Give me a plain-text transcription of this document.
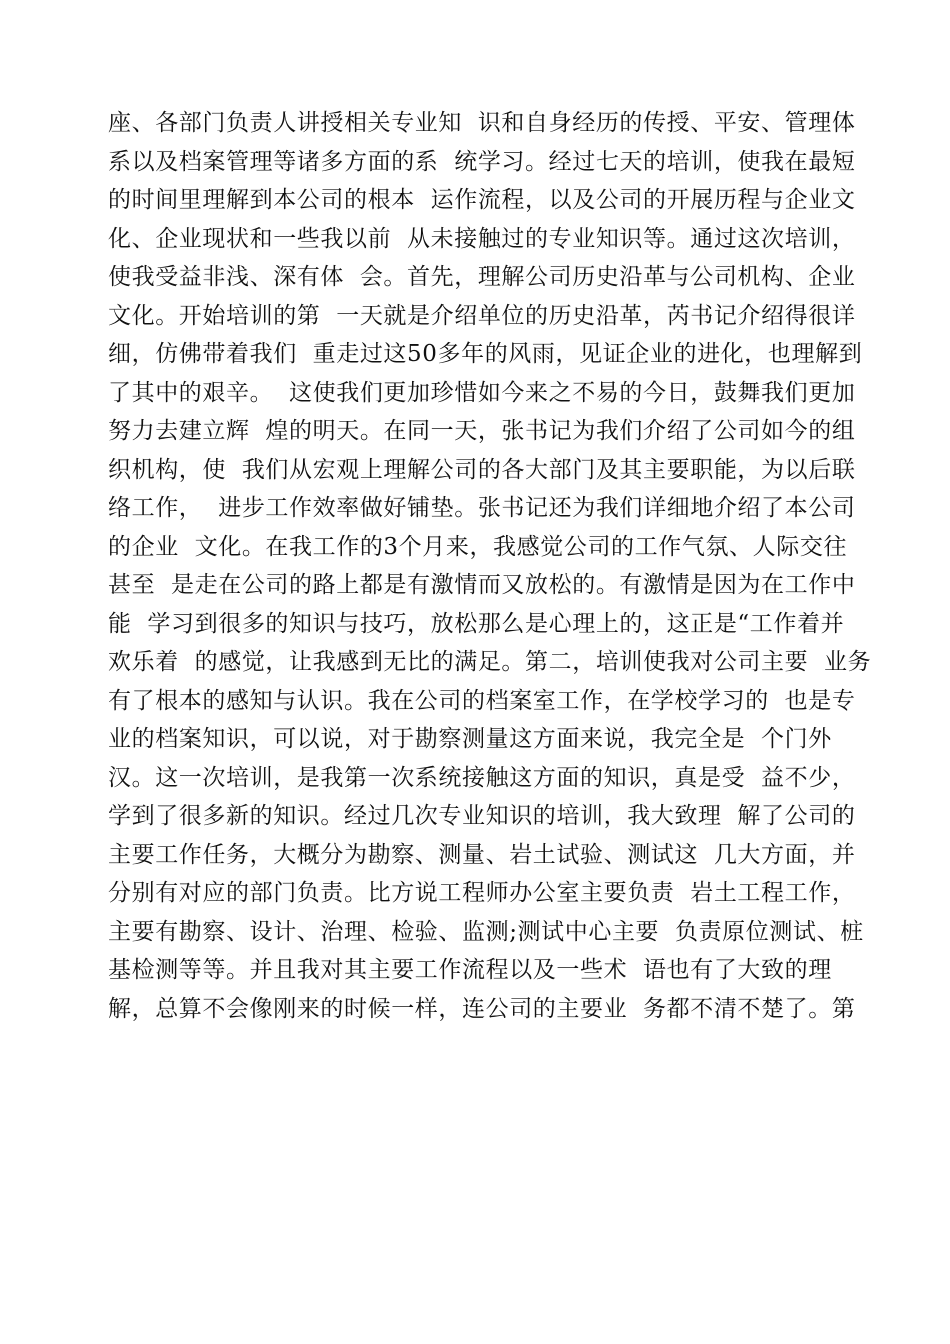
座、各部门负责人讲授相关专业知  识和自身经历的传授、平安、管理体
系以及档案管理等诸多方面的系  统学习。经过七天的培训，使我在最短
的时间里理解到本公司的根本  运作流程，以及公司的开展历程与企业文
化、企业现状和一些我以前  从未接触过的专业知识等。通过这次培训，
使我受益非浅、深有体  会。首先，理解公司历史沿革与公司机构、企业
文化。开始培训的第  一天就是介绍单位的历史沿革，芮书记介绍得很详
细，仿佛带着我们  重走过这50多年的风雨，见证企业的进化，也理解到
了其中的艰辛。  这使我们更加珍惜如今来之不易的今日，鼓舞我们更加
努力去建立辉  煌的明天。在同一天，张书记为我们介绍了公司如今的组
织机构，使  我们从宏观上理解公司的各大部门及其主要职能，为以后联
络工作，  进步工作效率做好铺垫。张书记还为我们详细地介绍了本公司
的企业  文化。在我工作的3个月来，我感觉公司的工作气氛、人际交往
甚至  是走在公司的路上都是有激情而又放松的。有激情是因为在工作中
能  学习到很多的知识与技巧，放松那么是心理上的，这正是“工作着并
欢乐着  的感觉，让我感到无比的满足。第二，培训使我对公司主要  业务
有了根本的感知与认识。我在公司的档案室工作，在学校学习的  也是专
业的档案知识，可以说，对于勘察测量这方面来说，我完全是  个门外
汉。这一次培训，是我第一次系统接触这方面的知识，真是受  益不少，
学到了很多新的知识。经过几次专业知识的培训，我大致理  解了公司的
主要工作任务，大概分为勘察、测量、岩土试验、测试这  几大方面，并
分别有对应的部门负责。比方说工程师办公室主要负责  岩土工程工作，
主要有勘察、设计、治理、检验、监测;测试中心主要  负责原位测试、桩
基检测等等。并且我对其主要工作流程以及一些术  语也有了大致的理
解，总算不会像刚来的时候一样，连公司的主要业  务都不清不楚了。第
